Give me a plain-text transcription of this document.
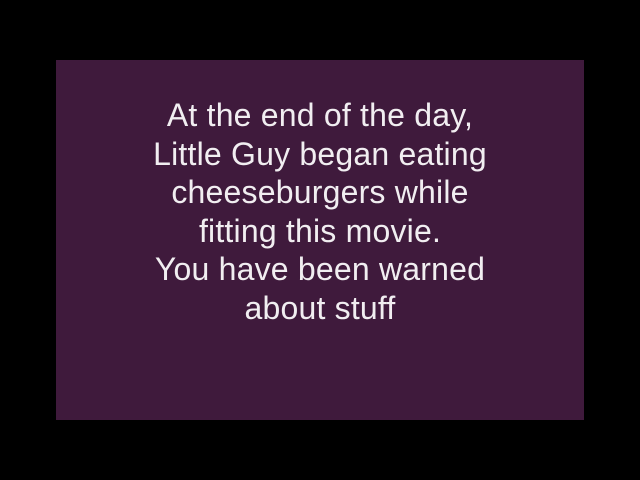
At the end of the day,
Little Guy began eating
cheeseburgers while
fitting this movie.
You have been warned
about stuff
